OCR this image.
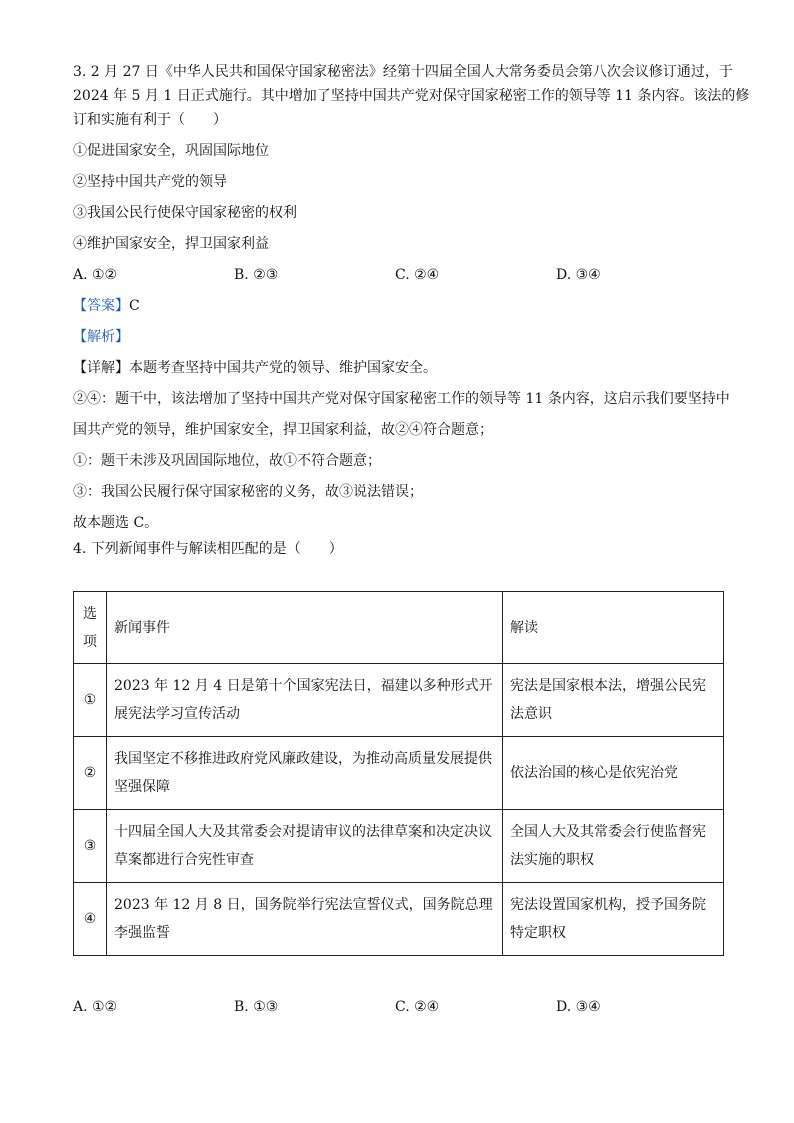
3. 2 月 27 日《中华人民共和国保守国家秘密法》经第十四届全国人大常务委员会第八次会议修订通过，于

2024 年 5 月 1 日正式施行。其中增加了坚持中国共产党对保守国家秘密工作的领导等 11 条内容。该法的修

订和实施有利于（　　）

①促进国家安全，巩固国际地位

②坚持中国共产党的领导

③我国公民行使保守国家秘密的权利

④维护国家安全，捍卫国家利益

A. ①②	B. ②③	C. ②④	D. ③④

【答案】C

【解析】

【详解】本题考查坚持中国共产党的领导、维护国家安全。

②④：题干中，该法增加了坚持中国共产党对保守国家秘密工作的领导等 11 条内容，这启示我们要坚持中

国共产党的领导，维护国家安全，捍卫国家利益，故②④符合题意；

①：题干未涉及巩固国际地位，故①不符合题意；

③：我国公民履行保守国家秘密的义务，故③说法错误；

故本题选 C。

4. 下列新闻事件与解读相匹配的是（　　）

选
项	新闻事件	解读
①	2023 年 12 月 4 日是第十个国家宪法日，福建以多种形式开展宪法学习宣传活动	宪法是国家根本法，增强公民宪法意识
②	我国坚定不移推进政府党风廉政建设，为推动高质量发展提供坚强保障	依法治国的核心是依宪治党
③	十四届全国人大及其常委会对提请审议的法律草案和决定决议草案都进行合宪性审查	全国人大及其常委会行使监督宪法实施的职权
④	2023 年 12 月 8 日，国务院举行宪法宣誓仪式，国务院总理李强监誓	宪法设置国家机构，授予国务院特定职权
A. ①②	B. ①③	C. ②④	D. ③④
